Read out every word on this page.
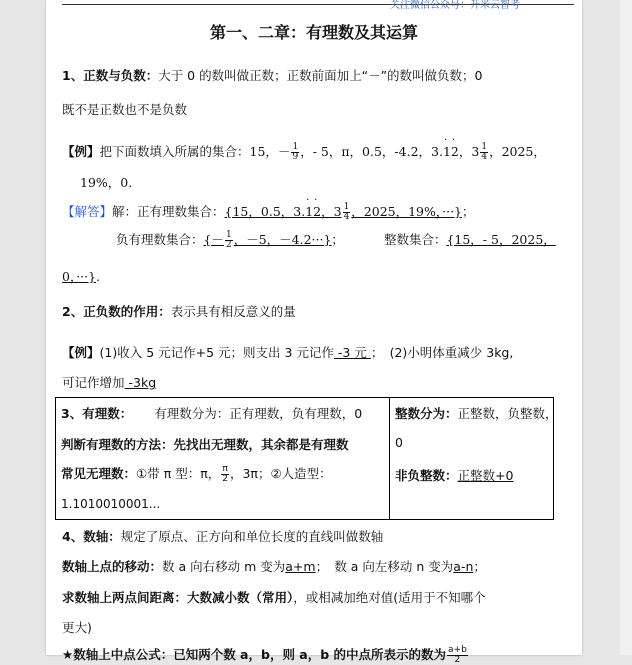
关注微信公众号：升米云智考
第一、二章：有理数及其运算
1、正数与负数：大于 0 的数叫做正数；正数前面加上“－”的数叫做负数；0
既不是正数也不是负数
【例】把下面数填入所属的集合：15，－ $\frac{1}{9}$ ，- 5，π，0.5，-4.2，3.· 1· 2，$3 \frac{1}{4}$ ，2025，
19%，0.
【解答】解：正有理数集合：{15，0.5，3.· 1· 2，$3 \frac{1}{4}$ ，2025，19%，···}；
负有理数集合：{－ $\frac{1}{2}$ ，－5，－4.2···}；	整数集合：{15，- 5，2025，
0，···}.
2、正负数的作用：表示具有相反意义的量
【例】(1)收入 5 元记作+5 元；则支出 3 元记作 -3 元 ；　(2)小明体重减少 3kg,
可记作增加 -3kg
3、有理数： 有理数分为：正有理数，负有理数，0
判断有理数的方法：先找出无理数，其余都是有理数
常见无理数：①带 π 型：π， $\frac{\pi}{2}$ ，3π；②人造型：
1.1010010001...
整数分为：正整数，负整数，
0
非负整数：正整数+0
4、数轴：规定了原点、正方向和单位长度的直线叫做数轴
数轴上点的移动：数 a 向右移动 m 变为a+m；　数 a 向左移动 n 变为a-n；
求数轴上两点间距离：大数减小数（常用），或相减加绝对值(适用于不知哪个
更大)
★数轴上中点公式：已知两个数 a，b，则 a，b 的中点所表示的数为 $\frac{a+b}{2}$
